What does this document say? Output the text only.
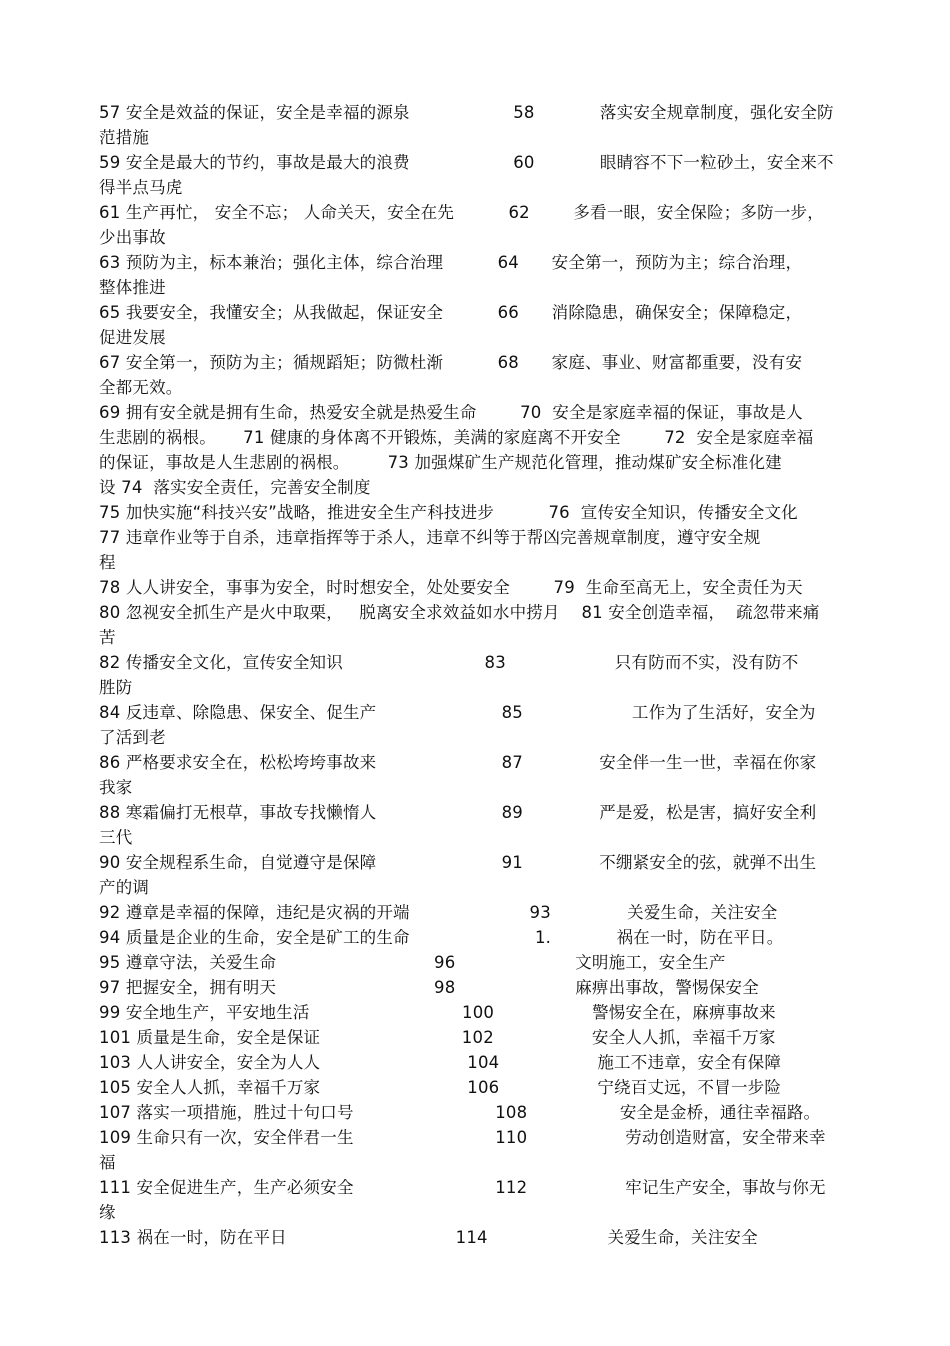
57 安全是效益的保证，安全是幸福的源泉                   58            落实安全规章制度，强化安全防
范措施
59 安全是最大的节约，事故是最大的浪费                   60            眼睛容不下一粒砂土，安全来不
得半点马虎
61 生产再忙， 安全不忘； 人命关天，安全在先          62        多看一眼，安全保险；多防一步，
少出事故
63 预防为主，标本兼治；强化主体，综合治理          64      安全第一，预防为主；综合治理，
整体推进
65 我要安全，我懂安全；从我做起，保证安全          66      消除隐患，确保安全；保障稳定，
促进发展
67 安全第一，预防为主；循规蹈矩；防微杜渐          68      家庭、事业、财富都重要，没有安
全都无效。
69 拥有安全就是拥有生命，热爱安全就是热爱生命        70  安全是家庭幸福的保证，事故是人
生悲剧的祸根。     71 健康的身体离不开锻炼，美满的家庭离不开安全        72  安全是家庭幸福
的保证，事故是人生悲剧的祸根。       73 加强煤矿生产规范化管理，推动煤矿安全标准化建
设 74  落实安全责任，完善安全制度
75 加快实施“科技兴安”战略，推进安全生产科技进步          76  宣传安全知识，传播安全文化
77 违章作业等于自杀，违章指挥等于杀人，违章不纠等于帮凶完善规章制度，遵守安全规
程
78 人人讲安全，事事为安全，时时想安全，处处要安全        79  生命至高无上，安全责任为天
80 忽视安全抓生产是火中取栗，   脱离安全求效益如水中捞月    81 安全创造幸福，  疏忽带来痛
苦
82 传播安全文化，宣传安全知识                          83                    只有防而不实，没有防不
胜防
84 反违章、除隐患、保安全、促生产                       85                    工作为了生活好，安全为
了活到老
86 严格要求安全在，松松垮垮事故来                       87              安全伴一生一世，幸福在你家
我家
88 寒霜偏打无根草，事故专找懒惰人                       89              严是爱，松是害，搞好安全利
三代
90 安全规程系生命，自觉遵守是保障                       91              不绷紧安全的弦，就弹不出生
产的调
92 遵章是幸福的保障，违纪是灾祸的开端                      93              关爱生命，关注安全
94 质量是企业的生命，安全是矿工的生命                       1.            祸在一时，防在平日。
95 遵章守法，关爱生命                             96                      文明施工，安全生产
97 把握安全，拥有明天                             98                      麻痹出事故，警惕保安全
99 安全地生产，平安地生活                            100                  警惕安全在，麻痹事故来
101 质量是生命，安全是保证                          102                  安全人人抓，幸福千万家
103 人人讲安全，安全为人人                           104                  施工不违章，安全有保障
105 安全人人抓，幸福千万家                           106                  宁绕百丈远，不冒一步险
107 落实一项措施，胜过十句口号                          108                 安全是金桥，通往幸福路。
109 生命只有一次，安全伴君一生                          110                  劳动创造财富，安全带来幸
福
111 安全促进生产，生产必须安全                          112                  牢记生产安全，事故与你无
缘
113 祸在一时，防在平日                               114                      关爱生命，关注安全
